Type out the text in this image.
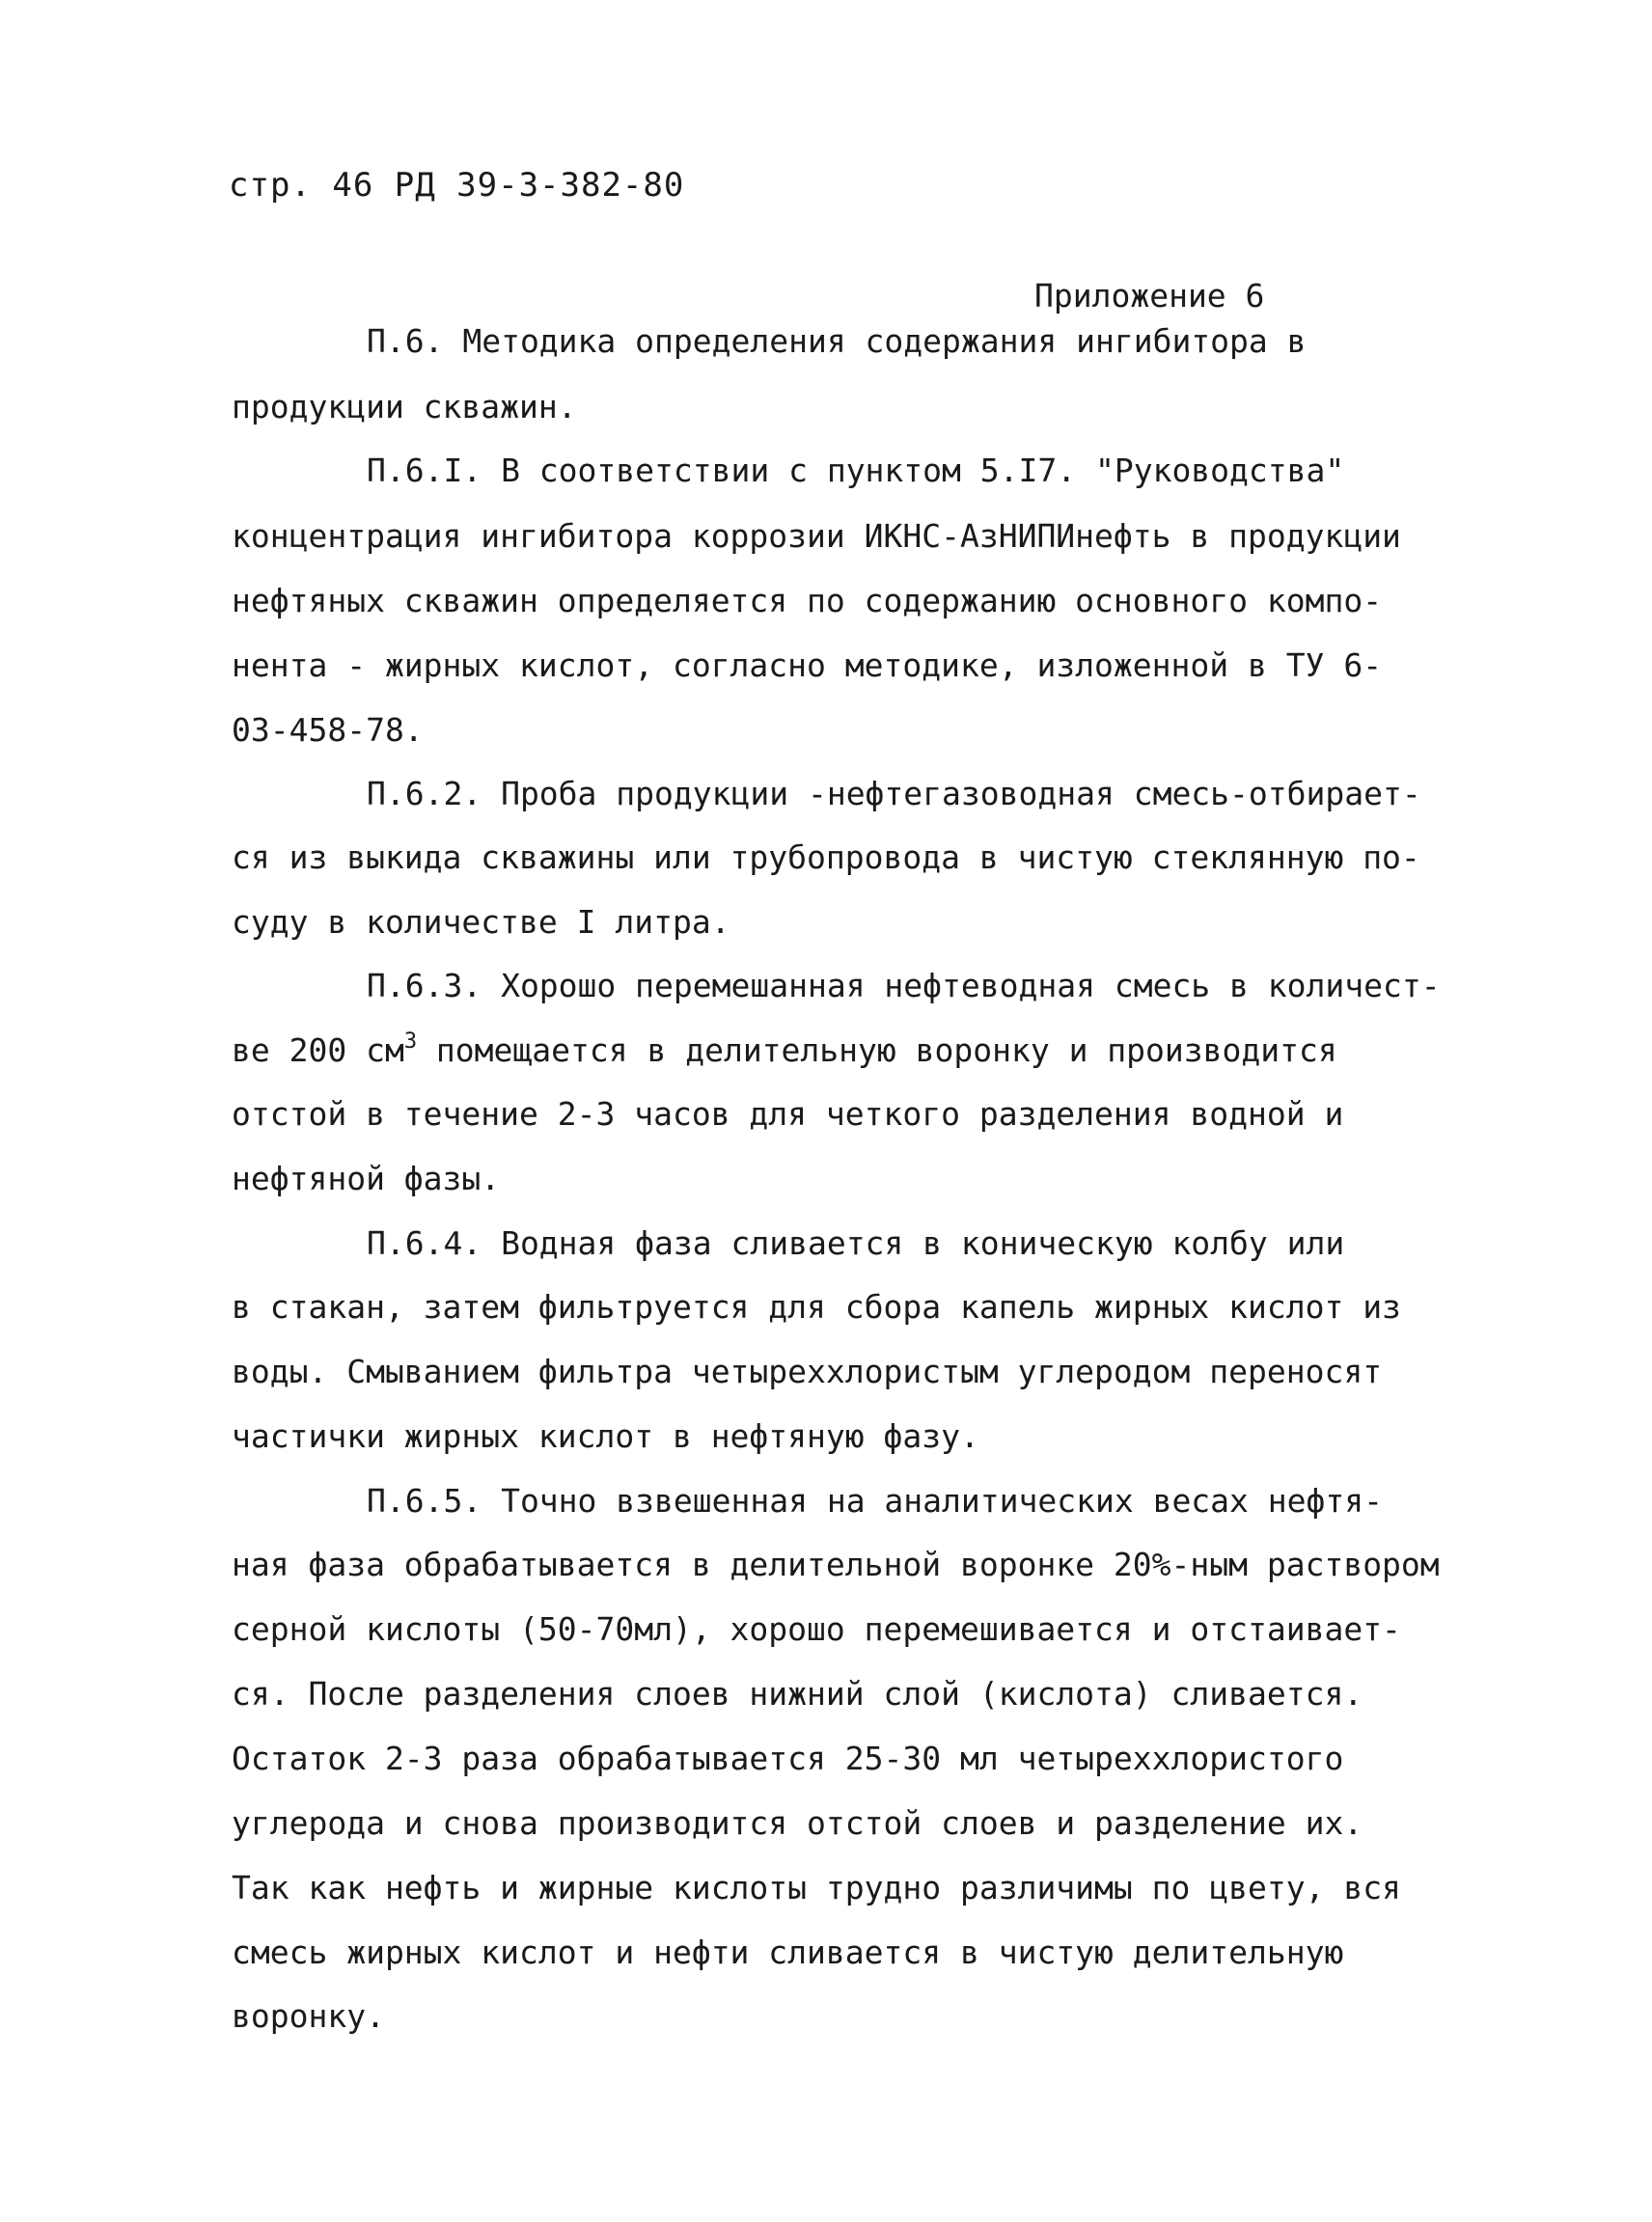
стр. 46 РД 39-3-382-80
Приложение 6
П.6. Методика определения содержания ингибитора в
продукции скважин.
П.6.I. В соответствии с пунктом 5.I7. "Руководства"
концентрация ингибитора коррозии ИКНС-АзНИПИнефть в продукции
нефтяных скважин определяется по содержанию основного компо-
нента - жирных кислот, согласно методике, изложенной в ТУ 6-
03-458-78.
П.6.2. Проба продукции -нефтегазоводная смесь-отбирает-
ся из выкида скважины или трубопровода в чистую стеклянную по-
суду в количестве I литра.
П.6.3. Хорошо перемешанная нефтеводная смесь в количест-
ве 200 $см^3$ помещается в делительную воронку и производится
отстой в течение 2-3 часов для четкого разделения водной и
нефтяной фазы.
П.6.4. Водная фаза сливается в коническую колбу или
в стакан, затем фильтруется для сбора капель жирных кислот из
воды. Смыванием фильтра четыреххлористым углеродом переносят
частички жирных кислот в нефтяную фазу.
П.6.5. Точно взвешенная на аналитических весах нефтя-
ная фаза обрабатывается в делительной воронке 20%-ным раствором
серной кислоты (50-70мл), хорошо перемешивается и отстаивает-
ся. После разделения слоев нижний слой (кислота) сливается.
Остаток 2-3 раза обрабатывается 25-30 мл четыреххлористого
углерода и снова производится отстой слоев и разделение их.
Так как нефть и жирные кислоты трудно различимы по цвету, вся
смесь жирных кислот и нефти сливается в чистую делительную
воронку.
